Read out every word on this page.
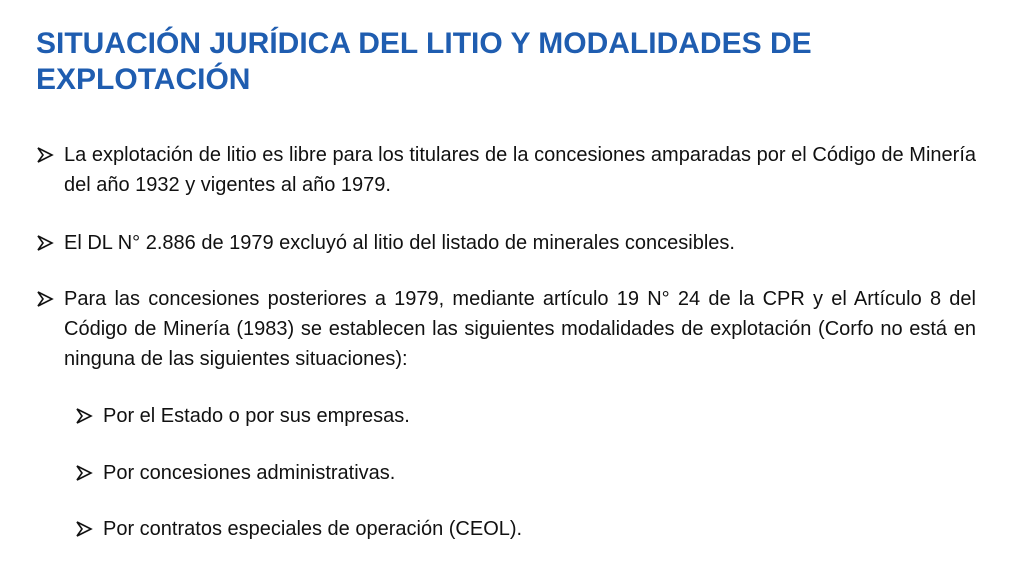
SITUACIÓN JURÍDICA DEL LITIO Y MODALIDADES DE EXPLOTACIÓN

La explotación de litio es libre para los titulares de la concesiones amparadas por el Código de Minería del año 1932 y vigentes al año 1979.

El DL N° 2.886 de 1979 excluyó al litio del listado de minerales concesibles.

Para las concesiones posteriores a 1979, mediante artículo 19 N° 24 de la CPR y el Artículo 8 del Código de Minería (1983) se establecen las siguientes modalidades de explotación (Corfo no está en ninguna de las siguientes situaciones):

Por el Estado o por sus empresas.

Por concesiones administrativas.

Por contratos especiales de operación (CEOL).
